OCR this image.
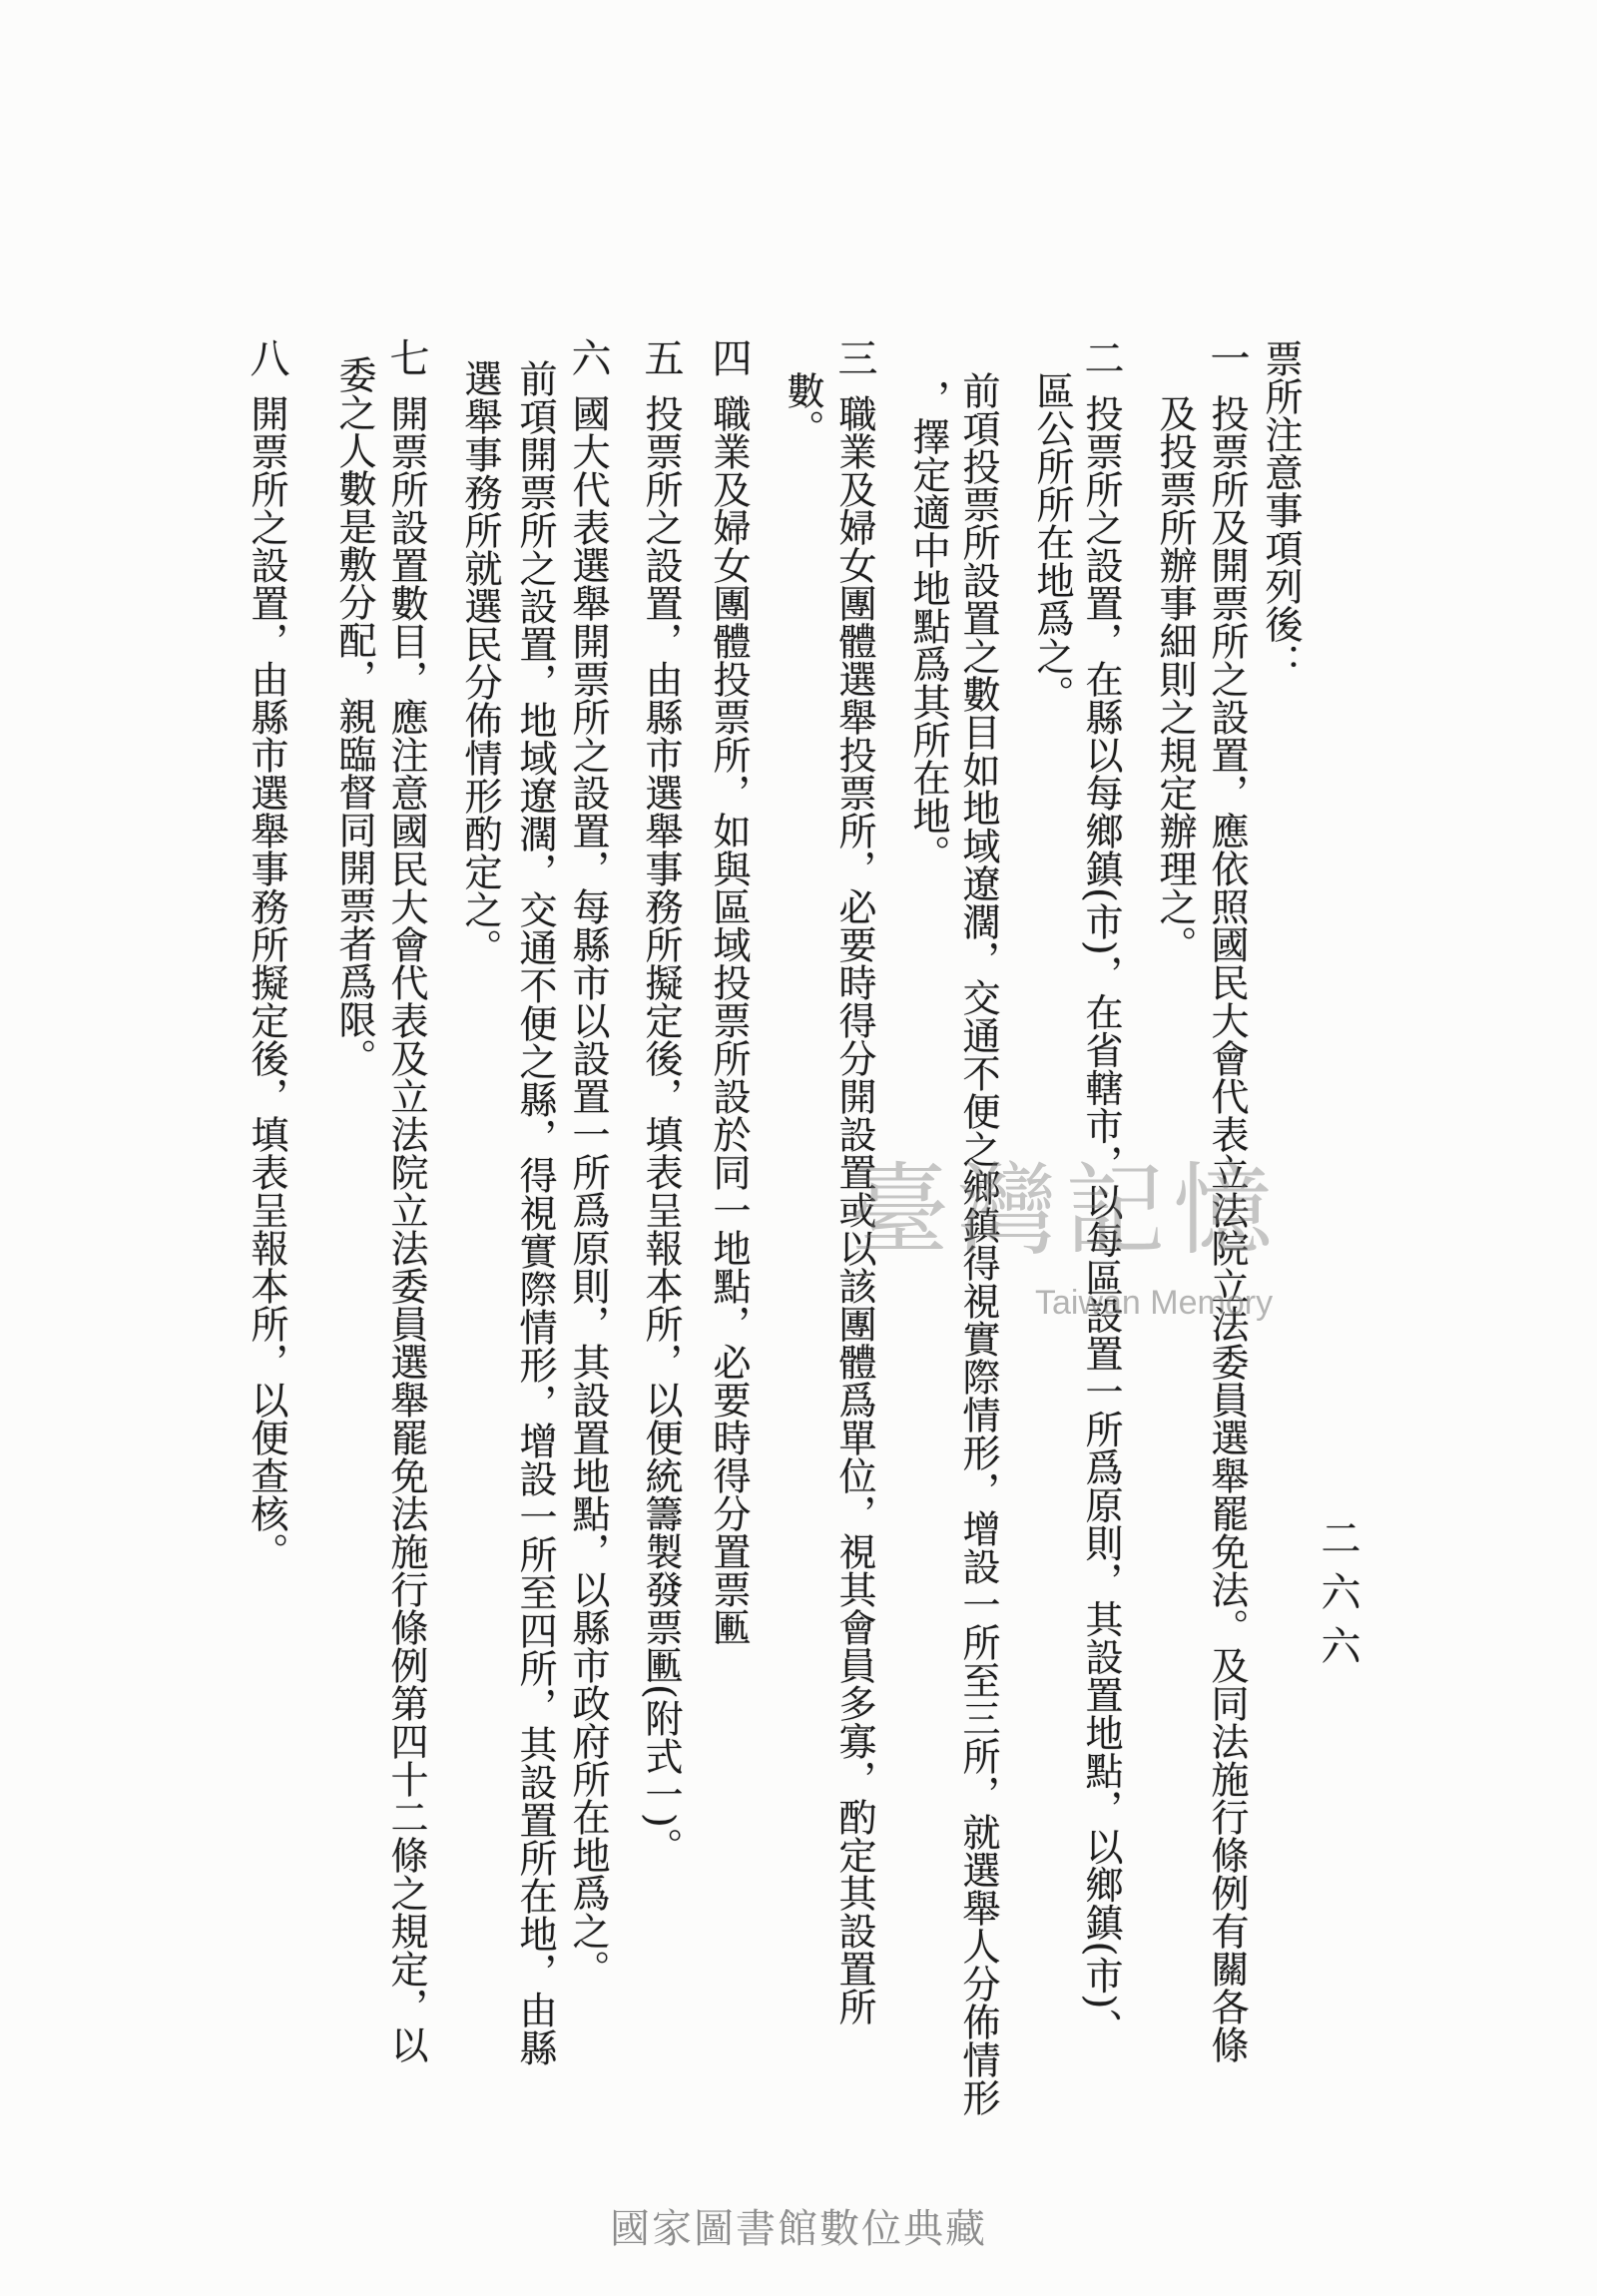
二六六
票所注意事項列後：
一
投票所及開票所之設置，應依照國民大會代表立法院立法委員選舉罷免法。及同法施行條例有關各條
及投票所辦事細則之規定辦理之。
二
投票所之設置，在縣以每鄉鎮(市)，在省轄市，以每區設置一所爲原則，其設置地點，以鄉鎮(市)、
區公所所在地爲之。
前項投票所設置之數目如地域遼濶，交通不便之鄉鎮得視實際情形，增設一所至三所，就選舉人分佈情形
，擇定適中地點爲其所在地。
三
職業及婦女團體選舉投票所，必要時得分開設置或以該團體爲單位，視其會員多寡，酌定其設置所
數。
四
職業及婦女團體投票所，如與區域投票所設於同一地點，必要時得分置票匭
五
投票所之設置，由縣市選舉事務所擬定後，填表呈報本所，以便統籌製發票匭(附式一)。
六
國大代表選舉開票所之設置，每縣市以設置一所爲原則，其設置地點，以縣市政府所在地爲之。
前項開票所之設置，地域遼濶，交通不便之縣，得視實際情形，增設一所至四所，其設置所在地，由縣
選舉事務所就選民分佈情形酌定之。
七
開票所設置數目，應注意國民大會代表及立法院立法委員選舉罷免法施行條例第四十二條之規定，以
委之人數是敷分配，親臨督同開票者爲限。
八
開票所之設置，由縣市選舉事務所擬定後，填表呈報本所，以便查核。	臺灣記憶
Taiwan Memory
國家圖書館數位典藏
